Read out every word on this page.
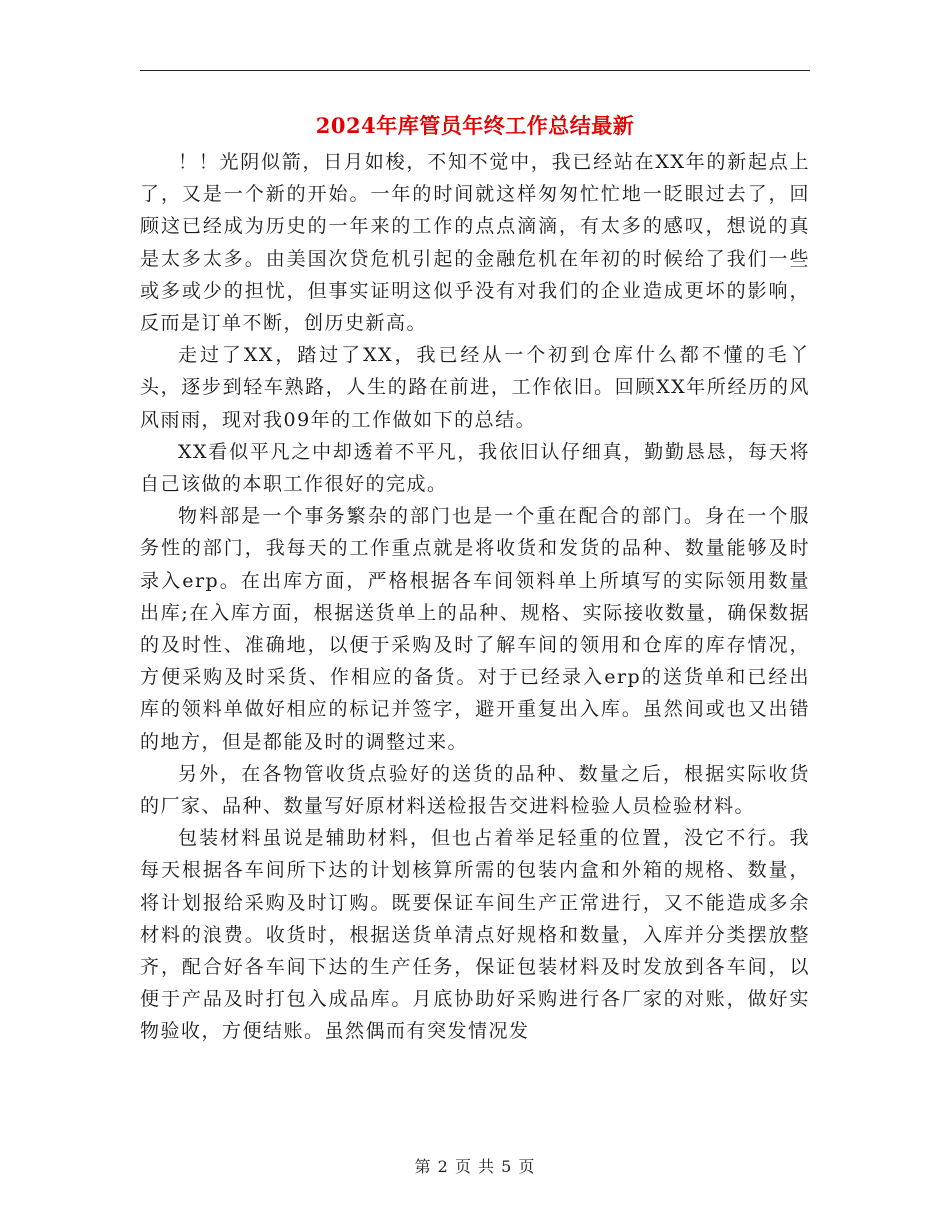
2024年库管员年终工作总结最新

！！光阴似箭，日月如梭，不知不觉中，我已经站在XX年的新起点上了，又是一个新的开始。一年的时间就这样匆匆忙忙地一眨眼过去了，回顾这已经成为历史的一年来的工作的点点滴滴，有太多的感叹，想说的真是太多太多。由美国次贷危机引起的金融危机在年初的时候给了我们一些或多或少的担忧，但事实证明这似乎没有对我们的企业造成更坏的影响，反而是订单不断，创历史新高。

走过了XX，踏过了XX，我已经从一个初到仓库什么都不懂的毛丫头，逐步到轻车熟路，人生的路在前进，工作依旧。回顾XX年所经历的风风雨雨，现对我09年的工作做如下的总结。

XX看似平凡之中却透着不平凡，我依旧认仔细真，勤勤恳恳，每天将自己该做的本职工作很好的完成。

物料部是一个事务繁杂的部门也是一个重在配合的部门。身在一个服务性的部门，我每天的工作重点就是将收货和发货的品种、数量能够及时录入erp。在出库方面，严格根据各车间领料单上所填写的实际领用数量出库;在入库方面，根据送货单上的品种、规格、实际接收数量，确保数据的及时性、准确地，以便于采购及时了解车间的领用和仓库的库存情况，方便采购及时采货、作相应的备货。对于已经录入erp的送货单和已经出库的领料单做好相应的标记并签字，避开重复出入库。虽然间或也又出错的地方，但是都能及时的调整过来。

另外，在各物管收货点验好的送货的品种、数量之后，根据实际收货的厂家、品种、数量写好原材料送检报告交进料检验人员检验材料。

包装材料虽说是辅助材料，但也占着举足轻重的位置，没它不行。我每天根据各车间所下达的计划核算所需的包装内盒和外箱的规格、数量，将计划报给采购及时订购。既要保证车间生产正常进行，又不能造成多余材料的浪费。收货时，根据送货单清点好规格和数量，入库并分类摆放整齐，配合好各车间下达的生产任务，保证包装材料及时发放到各车间，以便于产品及时打包入成品库。月底协助好采购进行各厂家的对账，做好实物验收，方便结账。虽然偶而有突发情况发

第 2 页 共 5 页
